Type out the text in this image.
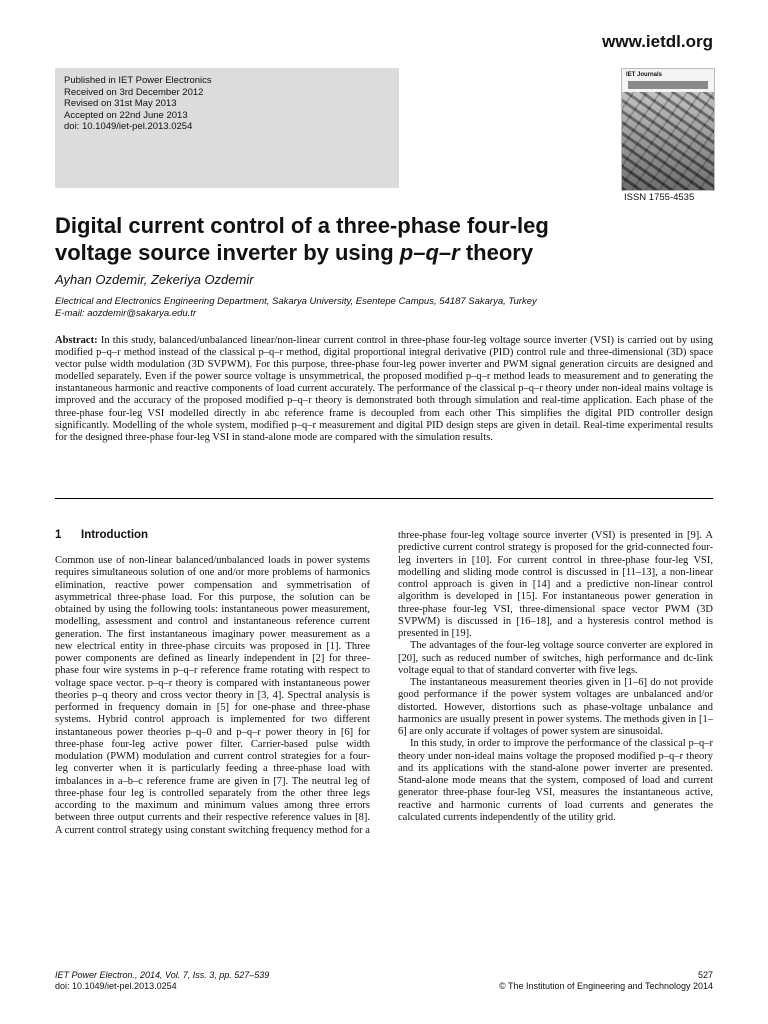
www.ietdl.org
Published in IET Power Electronics
Received on 3rd December 2012
Revised on 31st May 2013
Accepted on 22nd June 2013
doi: 10.1049/iet-pel.2013.0254
IET Journals
ISSN 1755-4535
Digital current control of a three-phase four-leg
voltage source inverter by using p–q–r theory
Ayhan Ozdemir, Zekeriya Ozdemir
Electrical and Electronics Engineering Department, Sakarya University, Esentepe Campus, 54187 Sakarya, Turkey
E-mail: aozdemir@sakarya.edu.tr

Abstract: In this study, balanced/unbalanced linear/non-linear current control in three-phase four-leg voltage source inverter (VSI) is carried out by using modified p–q–r method instead of the classical p–q–r method, digital proportional integral derivative (PID) control rule and three-dimensional (3D) space vector pulse width modulation (3D SVPWM). For this purpose, three-phase four-leg power inverter and PWM signal generation circuits are designed and modelled separately. Even if the power source voltage is unsymmetrical, the proposed modified p–q–r method leads to measurement and to generating the instantaneous harmonic and reactive components of load current accurately. The performance of the classical p–q–r theory under non-ideal mains voltage is improved and the accuracy of the proposed modified p–q–r theory is demonstrated both through simulation and real-time application. Each phase of the three-phase four-leg VSI modelled directly in abc reference frame is decoupled from each other This simplifies the digital PID controller design significantly. Modelling of the whole system, modified p–q–r measurement and digital PID design steps are given in detail. Real-time experimental results for the designed three-phase four-leg VSI in stand-alone mode are compared with the simulation results.

1 Introduction

Common use of non-linear balanced/unbalanced loads in power systems requires simultaneous solution of one and/or more problems of harmonics elimination, reactive power compensation and symmetrisation of asymmetrical three-phase load. For this purpose, the solution can be obtained by using the following tools: instantaneous power measurement, modelling, assessment and control and instantaneous reference current generation. The first instantaneous imaginary power measurement as a new electrical entity in three-phase circuits was proposed in [1]. Three power components are defined as linearly independent in [2] for three-phase four wire systems in p–q–r reference frame rotating with respect to voltage space vector. p–q–r theory is compared with instantaneous power theories p–q theory and cross vector theory in [3, 4]. Spectral analysis is performed in frequency domain in [5] for one-phase and three-phase systems. Hybrid control approach is implemented for two different instantaneous power theories p–q–0 and p–q–r power theory in [6] for three-phase four-leg active power filter. Carrier-based pulse width modulation (PWM) modulation and current control strategies for a four-leg converter when it is particularly feeding a three-phase load with imbalances in a–b–c reference frame are given in [7]. The neutral leg of three-phase four leg is controlled separately from the other three legs according to the maximum and minimum values among three errors between three output currents and their respective reference values in [8]. A current control strategy using constant switching frequency method for a

three-phase four-leg voltage source inverter (VSI) is presented in [9]. A predictive current control strategy is proposed for the grid-connected four-leg inverters in [10]. For current control in three-phase four-leg VSI, modelling and sliding mode control is discussed in [11–13], a non-linear control approach is given in [14] and a predictive non-linear control algorithm is developed in [15]. For instantaneous power generation in three-phase four-leg VSI, three-dimensional space vector PWM (3D SVPWM) is discussed in [16–18], and a hysteresis control method is presented in [19].

The advantages of the four-leg voltage source converter are explored in [20], such as reduced number of switches, high performance and dc-link voltage equal to that of standard converter with five legs.

The instantaneous measurement theories given in [1–6] do not provide good performance if the power system voltages are unbalanced and/or distorted. However, distortions such as phase-voltage unbalance and harmonics are usually present in power systems. The methods given in [1–6] are only accurate if voltages of power system are sinusoidal.

In this study, in order to improve the performance of the classical p–q–r theory under non-ideal mains voltage the proposed modified p–q–r theory and its applications with the stand-alone power inverter are presented. Stand-alone mode means that the system, composed of load and current generator three-phase four-leg VSI, measures the instantaneous active, reactive and harmonic currents of load currents and generates the calculated currents independently of the utility grid.

IET Power Electron., 2014, Vol. 7, Iss. 3, pp. 527–539
doi: 10.1049/iet-pel.2013.0254
527
© The Institution of Engineering and Technology 2014
